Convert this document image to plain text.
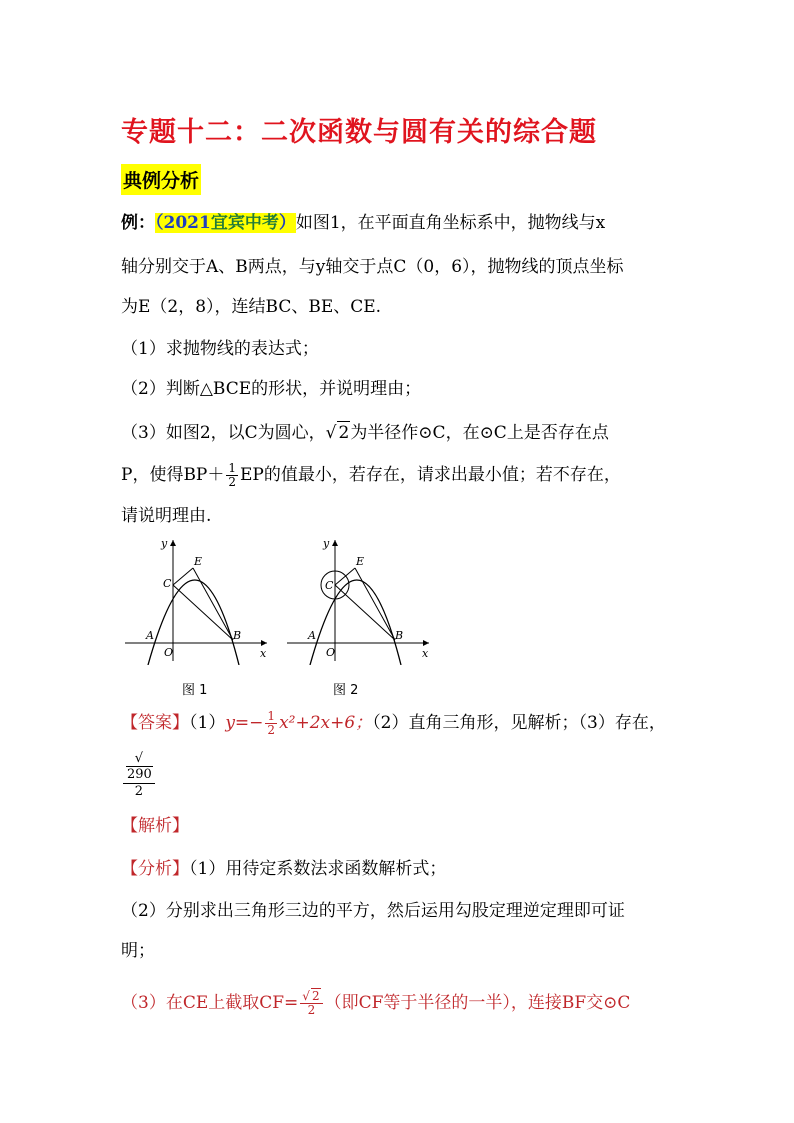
专题十二：二次函数与圆有关的综合题
典例分析
例：（2021宜宾中考）如图1，在平面直角坐标系中，抛物线与x
轴分别交于A、B两点，与y轴交于点C（0，6），抛物线的顶点坐标
为E（2，8），连结BC、BE、CE.
（1）求抛物线的表达式；
（2）判断△BCE的形状，并说明理由；
（3）如图2，以C为圆心，√ 2为半径作⊙C，在⊙C上是否存在点
P，使得$BP+ \frac{1}{2}$ EP的值最小，若存在，请求出最小值；若不存在，
请说明理由.
y
x
O
A	B
C
E
图 1
y
x
O
A	B
C
E
图 2
【答案】$(1)y=- \frac{1}{2} x^2+2x+6$；（2）直角三角形，见解析；（3）存在，
√
290
2
【解析】
【分析】（1）用待定系数法求函数解析式；
（2）分别求出三角形三边的平方，然后运用勾股定理逆定理即可证
明；
（3）在CE上截取$CF= \frac{√ 2}{2}$ （即CF等于半径的一半），连接BF交⊙C
